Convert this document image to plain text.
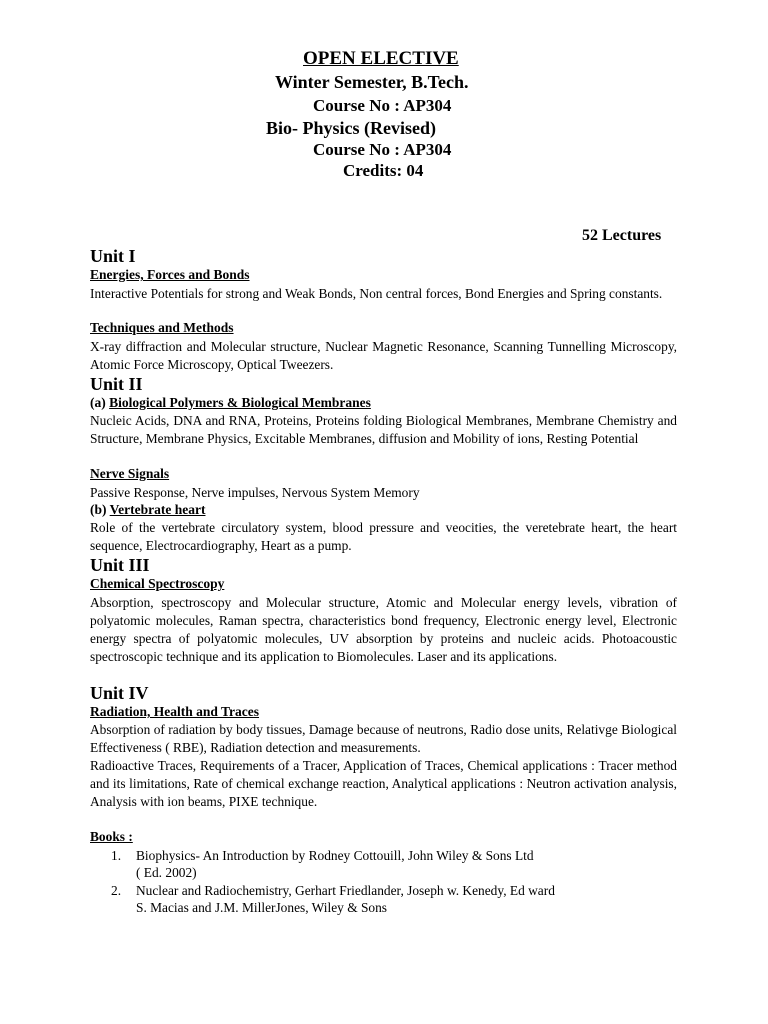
OPEN ELECTIVE
Winter Semester, B.Tech.
Course No : AP304
Bio- Physics (Revised)
Course No : AP304
Credits: 04
52 Lectures
Unit I
Energies, Forces and Bonds
Interactive Potentials for strong and Weak Bonds, Non central forces, Bond Energies and Spring constants.
Techniques and Methods
X-ray diffraction and Molecular structure, Nuclear Magnetic Resonance, Scanning Tunnelling Microscopy, Atomic Force Microscopy, Optical Tweezers.
Unit II
(a) Biological Polymers & Biological Membranes
Nucleic Acids, DNA and RNA, Proteins, Proteins folding Biological Membranes, Membrane Chemistry and Structure, Membrane Physics, Excitable Membranes, diffusion and Mobility of ions, Resting Potential
Nerve Signals
Passive Response, Nerve impulses, Nervous System Memory
(b) Vertebrate heart
Role of the vertebrate circulatory system, blood pressure and veocities, the veretebrate heart, the heart sequence, Electrocardiography, Heart as a pump.
Unit III
Chemical Spectroscopy
Absorption, spectroscopy and Molecular structure, Atomic and Molecular energy levels, vibration of polyatomic molecules, Raman spectra, characteristics bond frequency, Electronic energy level, Electronic energy spectra of polyatomic molecules, UV absorption by proteins and nucleic acids. Photoacoustic spectroscopic technique and its application to Biomolecules. Laser and its applications.
Unit IV
Radiation, Health and Traces
Absorption of radiation by body tissues, Damage because of neutrons, Radio dose units, Relativge Biological Effectiveness ( RBE), Radiation detection and measurements.
Radioactive Traces, Requirements of a Tracer, Application of Traces, Chemical applications : Tracer method and its limitations, Rate of chemical exchange reaction, Analytical applications : Neutron activation analysis, Analysis with ion beams, PIXE technique.
Books :
1. Biophysics- An Introduction by Rodney Cottouill, John Wiley & Sons Ltd
( Ed. 2002)
2. Nuclear and Radiochemistry, Gerhart Friedlander, Joseph w. Kenedy, Ed ward
S. Macias and J.M. MillerJones, Wiley & Sons
